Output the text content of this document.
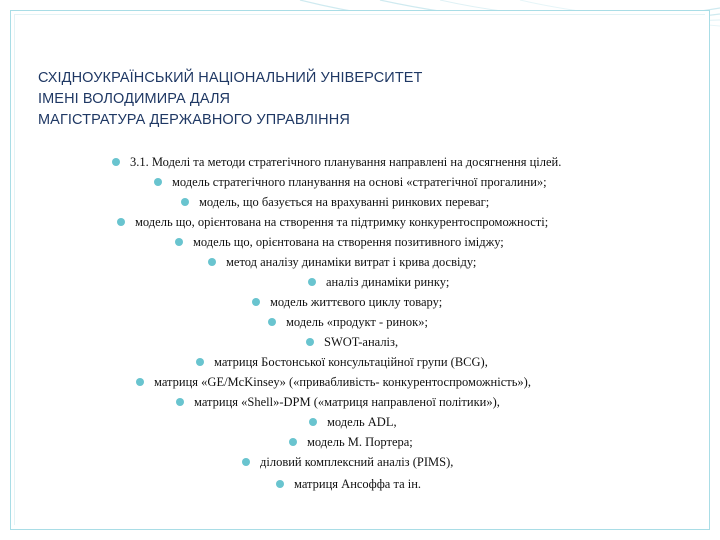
СХІДНОУКРАЇНСЬКИЙ НАЦІОНАЛЬНИЙ УНІВЕРСИТЕТ
ІМЕНІ ВОЛОДИМИРА ДАЛЯ
МАГІСТРАТУРА ДЕРЖАВНОГО УПРАВЛІННЯ
3.1. Моделі та методи стратегічного планування направлені на досягнення цілей.
модель стратегічного планування на основі «стратегічної прогалини»;
модель, що базується на врахуванні ринкових переваг;
модель що, орієнтована на створення та підтримку конкурентоспроможності;
модель що, орієнтована на створення позитивного іміджу;
метод аналізу динаміки витрат і крива досвіду;
аналіз динаміки ринку;
модель життєвого циклу товару;
модель «продукт - ринок»;
SWOT-аналіз,
матриця Бостонської консультаційної групи (BCG),
матриця «GE/McKinsey» («привабливість- конкурентоспроможність»),
матриця «Shell»-DPM («матриця направленої політики»),
модель ADL,
модель М. Портера;
діловий комплексний аналіз (PIMS),
матриця Ансоффа та ін.
